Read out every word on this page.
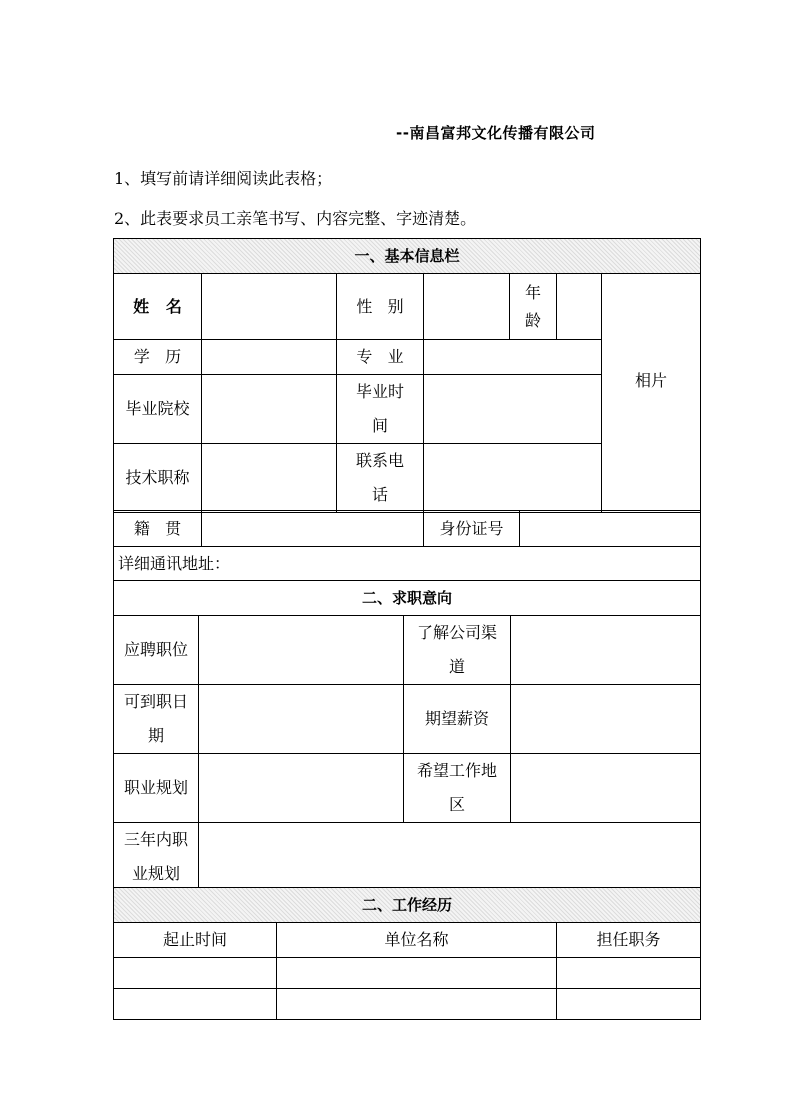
--南昌富邦文化传播有限公司
1、填写前请详细阅读此表格；
2、此表要求员工亲笔书写、内容完整、字迹清楚。
一、基本信息栏						
姓   名		性   别		年
龄		相片
学   历		专   业				
毕业院校		毕业时
间				

技术职称		联系电
话				

籍   贯		身份证号	
详细通讯地址：
二、求职意向			
应聘职位		了解公司渠
道	

可到职日
期		期望薪资	
职业规划		希望工作地
区	

三年内职
业规划			

二、工作经历		
起止时间	单位名称	担任职务
